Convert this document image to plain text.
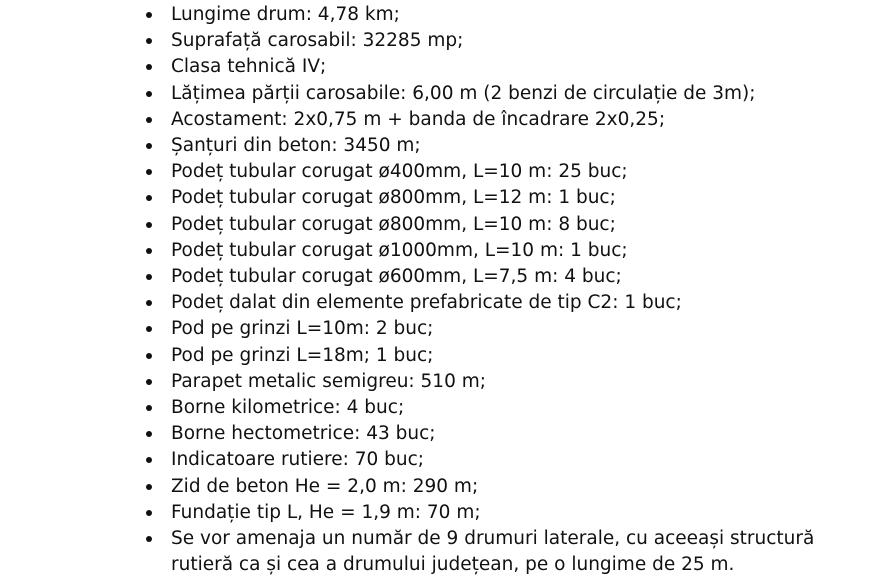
Lungime drum: 4,78 km;
Suprafață carosabil: 32285 mp;
Clasa tehnică IV;
Lățimea părții carosabile: 6,00 m (2 benzi de circulație de 3m);
Acostament: 2x0,75 m + banda de încadrare 2x0,25;
Șanțuri din beton: 3450 m;
Podeț tubular corugat ø400mm, L=10 m: 25 buc;
Podeț tubular corugat ø800mm, L=12 m: 1 buc;
Podeț tubular corugat ø800mm, L=10 m: 8 buc;
Podeț tubular corugat ø1000mm, L=10 m: 1 buc;
Podeț tubular corugat ø600mm, L=7,5 m: 4 buc;
Podeț dalat din elemente prefabricate de tip C2: 1 buc;
Pod pe grinzi L=10m: 2 buc;
Pod pe grinzi L=18m; 1 buc;
Parapet metalic semigreu: 510 m;
Borne kilometrice: 4 buc;
Borne hectometrice: 43 buc;
Indicatoare rutiere: 70 buc;
Zid de beton He = 2,0 m: 290 m;
Fundație tip L, He = 1,9 m: 70 m;
Se vor amenaja un număr de 9 drumuri laterale, cu aceeași structură
rutieră ca și cea a drumului județean, pe o lungime de 25 m.
